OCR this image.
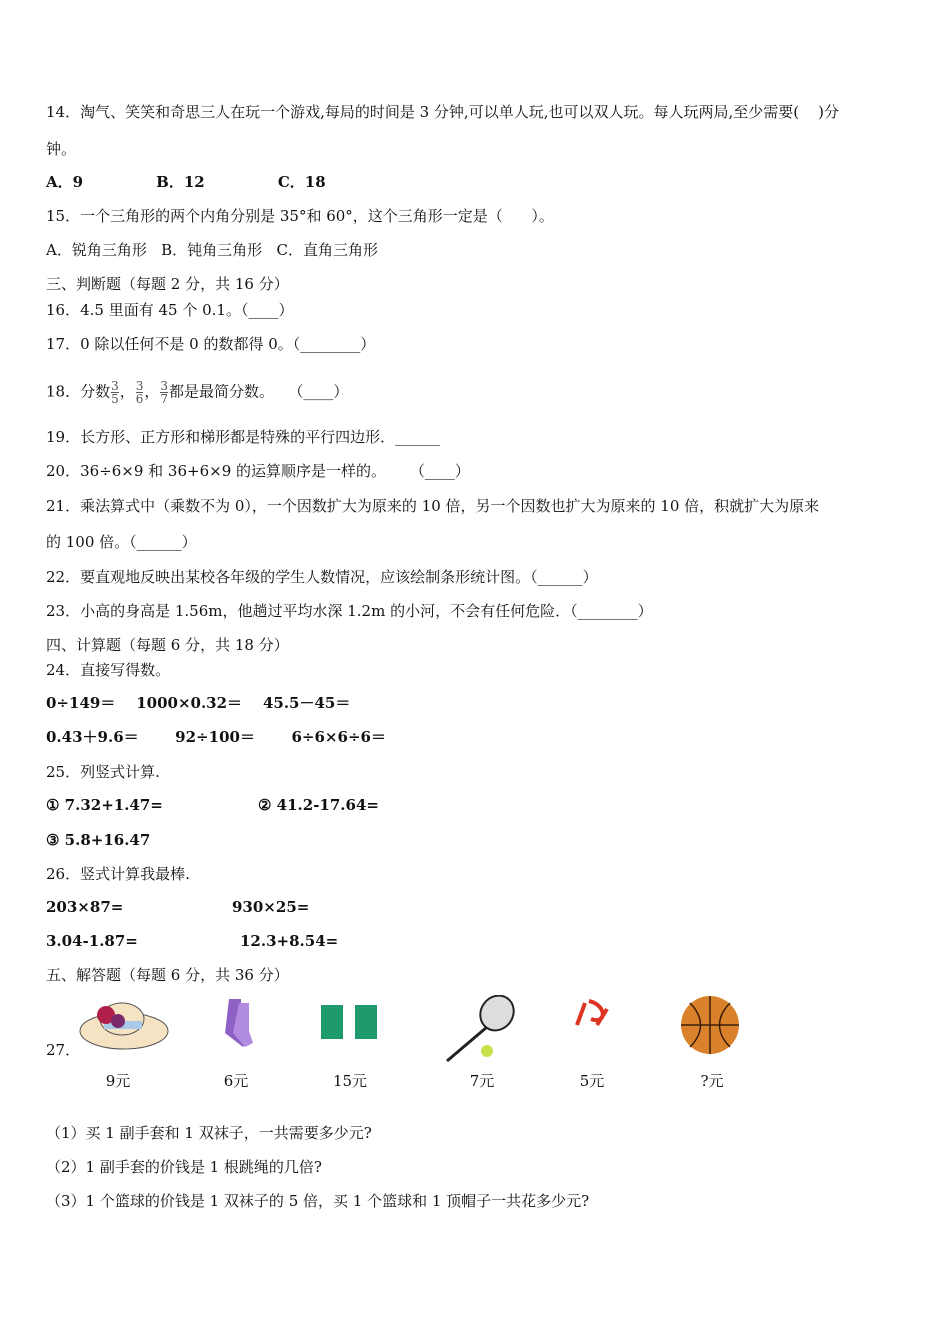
14．淘气、笑笑和奇思三人在玩一个游戏,每局的时间是 3 分钟,可以单人玩,也可以双人玩。每人玩两局,至少需要(    )分
钟。
A．9              B．12              C．18
15．一个三角形的两个内角分别是 35°和 60°，这个三角形一定是（      ）。
A．锐角三角形   B．钝角三角形   C．直角三角形
三、判断题（每题 2 分，共 16 分）
16．4.5 里面有 45 个 0.1。（____）
17．0 除以任何不是 0 的数都得 0。（________）
18．分数 $\frac{3}{5}$ ， $\frac{3}{6}$ ， $\frac{3}{7}$ 都是最简分数。   （____）
19．长方形、正方形和梯形都是特殊的平行四边形．______
20．36÷6×9 和 36+6×9 的运算顺序是一样的。     （____）
21．乘法算式中（乘数不为 0），一个因数扩大为原来的 10 倍，另一个因数也扩大为原来的 10 倍，积就扩大为原来
的 100 倍。（______）
22．要直观地反映出某校各年级的学生人数情况，应该绘制条形统计图。（______）
23．小高的身高是 1.56m，他趟过平均水深 1.2m 的小河，不会有任何危险．（________）
四、计算题（每题 6 分，共 18 分）
24．直接写得数。
0÷149＝    1000×0.32＝    45.5－45＝
0.43＋9.6＝       92÷100＝       6÷6×6÷6＝
25．列竖式计算.
① 7.32+1.47=	② 41.2-17.64=
③ 5.8+16.47
26．竖式计算我最棒.
203×87=	930×25=
3.04-1.87=	12.3+8.54=
五、解答题（每题 6 分，共 36 分）
27．
9元	6元	15元	7元	5元	?元
（1）买 1 副手套和 1 双袜子，一共需要多少元?
（2）1 副手套的价钱是 1 根跳绳的几倍?
（3）1 个篮球的价钱是 1 双袜子的 5 倍，买 1 个篮球和 1 顶帽子一共花多少元?
